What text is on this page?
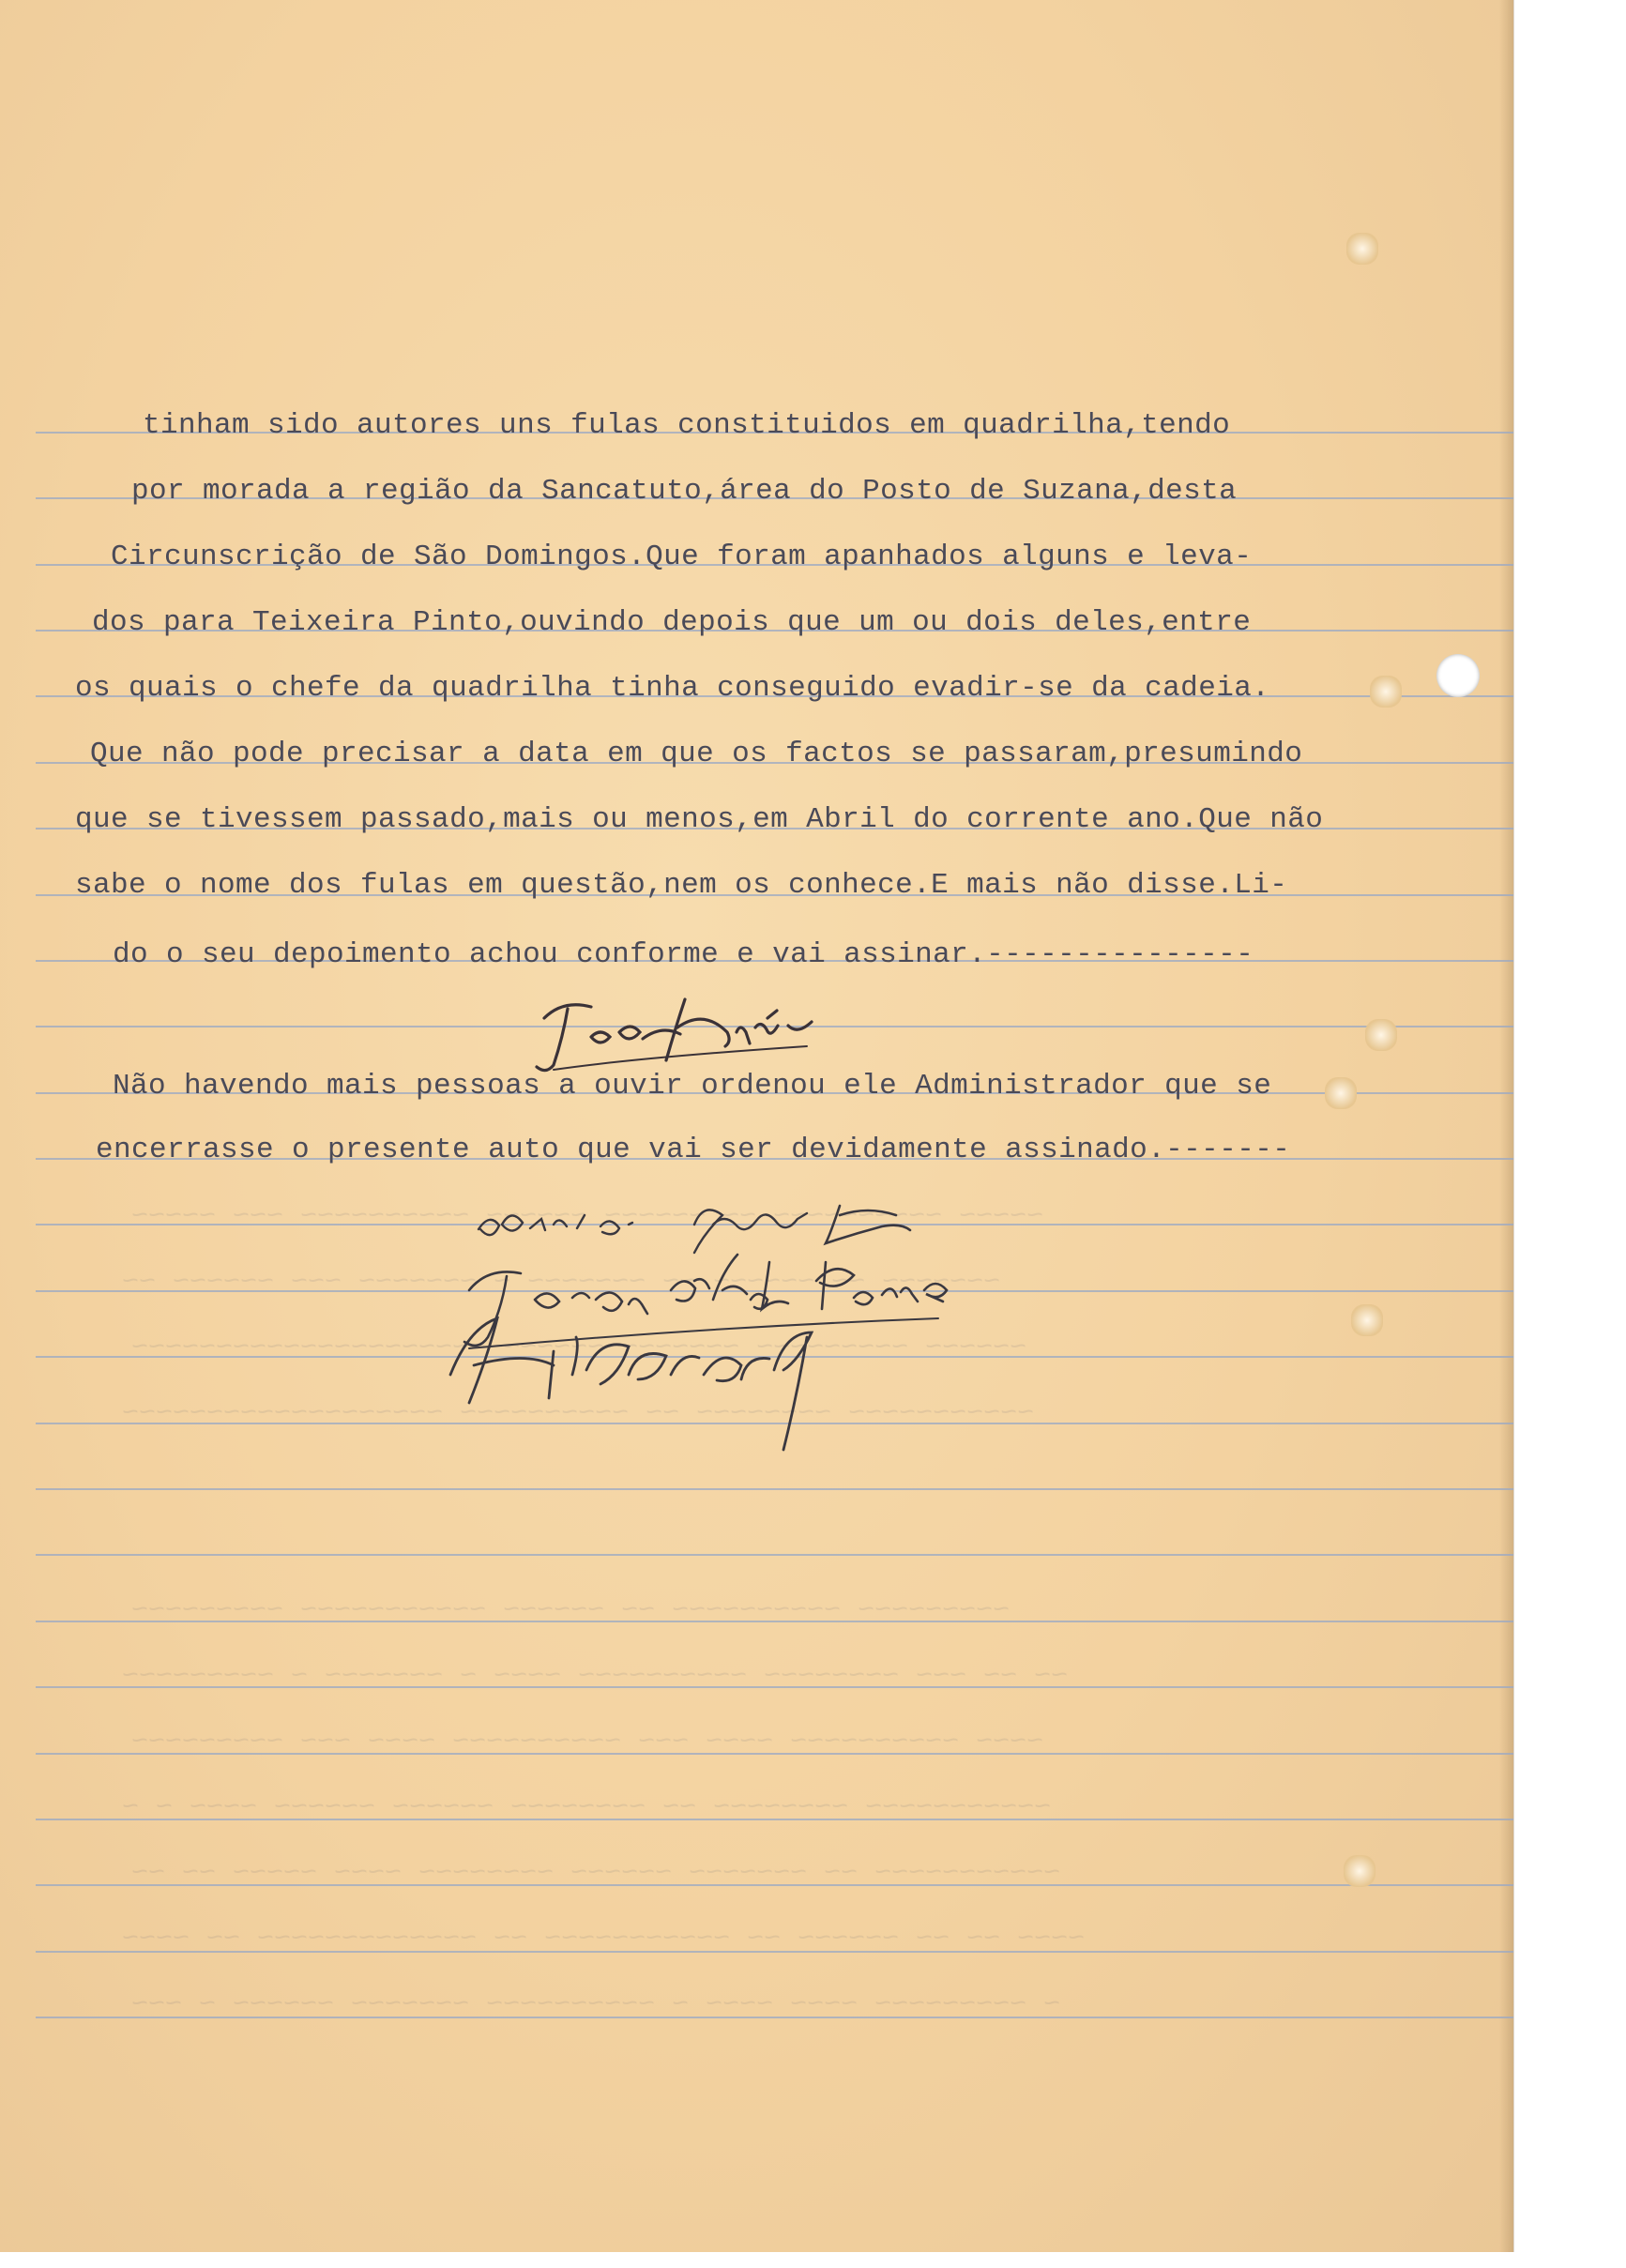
~~~~~ ~~~~~~~~~~ ~~ ~~~~~~ ~~~~~~ ~~~~~~~~~~ ~~~ ~~~~~
~~~~~~~ ~~ ~~~~~~ ~~ ~~~~~~~ ~ ~~~~~~~ ~~~ ~~~~~~ ~~
~~~~~~ ~~~~~~~~~ ~~~~~~~~~~~~~~~~~~~~~~~~~~~~~~~~~~~~
~~~~~~~~~~~ ~~~~~~~~ ~~ ~~~~~~~~~~ ~~~~~~~~~~~~~~~~~~~
~~~~~~~~~ ~~~~~~~~~~ ~~ ~~~~~~ ~~~~~~~~~~~ ~~~~~~~~~
~~ ~~ ~~~ ~~~~~~~~ ~~~~~~~~~~ ~~~~ ~ ~~~~~~~ ~ ~~~~~~~~~
~~~~ ~~~~~~~~~~ ~~~~ ~~~ ~~~~~~~~~~ ~~~~ ~~~ ~~~~~~~~~
~~~~~~~~~~~ ~~~~~~~~ ~~ ~~~~~~~~ ~~~~~~ ~~~~~~ ~~~~ ~ ~
~~~~~~~~~~~ ~~ ~~~~~~~ ~~~~~~ ~~~~~~~~ ~~~~ ~~~~~ ~~ ~~
~~~~ ~~ ~~ ~~~~~~ ~~ ~~~~~~~~~~~ ~~ ~~~~~~~~~~~~~ ~~ ~~~~
~ ~~~~~~~~~ ~~~~ ~~~~ ~ ~~~~~~~~~~ ~~~~~~~ ~~~~~~ ~ ~~~

tinham sido autores uns fulas constituidos em quadrilha,tendo

por morada a região da Sancatuto,área do Posto de Suzana,desta

Circunscrição de São Domingos.Que foram apanhados alguns e leva-

dos para Teixeira Pinto,ouvindo depois que um ou dois deles,entre

os quais o chefe da quadrilha tinha conseguido evadir-se da cadeia.

Que não pode precisar a data em que os factos se passaram,presumindo

que se tivessem passado,mais ou menos,em Abril do corrente ano.Que não

sabe o nome dos fulas em questão,nem os conhece.E mais não disse.Li-

do o seu depoimento achou conforme e vai assinar.---------------

Não havendo mais pessoas a ouvir ordenou ele Administrador que se

encerrasse o presente auto que vai ser devidamente assinado.-------
